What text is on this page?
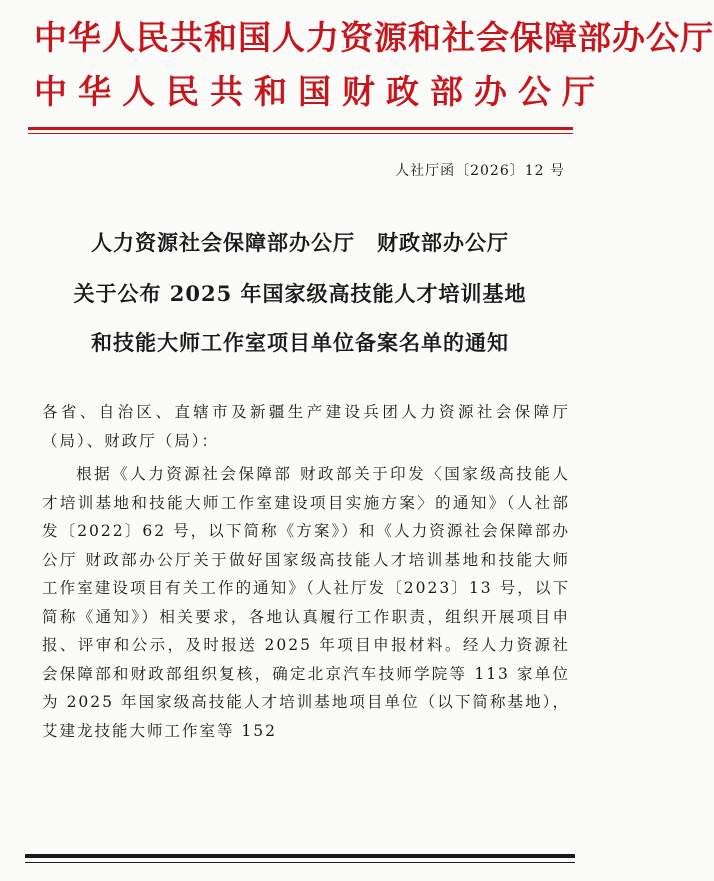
中华人民共和国人力资源和社会保障部办公厅
中华人民共和国财政部办公厅
人社厅函〔2026〕12 号
人力资源社会保障部办公厅　财政部办公厅
关于公布 2025 年国家级高技能人才培训基地
和技能大师工作室项目单位备案名单的通知
各省、自治区、直辖市及新疆生产建设兵团人力资源社会保障厅（局）、财政厅（局）：
根据《人力资源社会保障部 财政部关于印发〈国家级高技能人才培训基地和技能大师工作室建设项目实施方案〉的通知》（人社部发〔2022〕62 号，以下简称《方案》）和《人力资源社会保障部办公厅 财政部办公厅关于做好国家级高技能人才培训基地和技能大师工作室建设项目有关工作的通知》（人社厅发〔2023〕13 号，以下简称《通知》）相关要求，各地认真履行工作职责，组织开展项目申报、评审和公示，及时报送 2025 年项目申报材料。经人力资源社会保障部和财政部组织复核，确定北京汽车技师学院等 113 家单位为 2025 年国家级高技能人才培训基地项目单位（以下简称基地），艾建龙技能大师工作室等 152
